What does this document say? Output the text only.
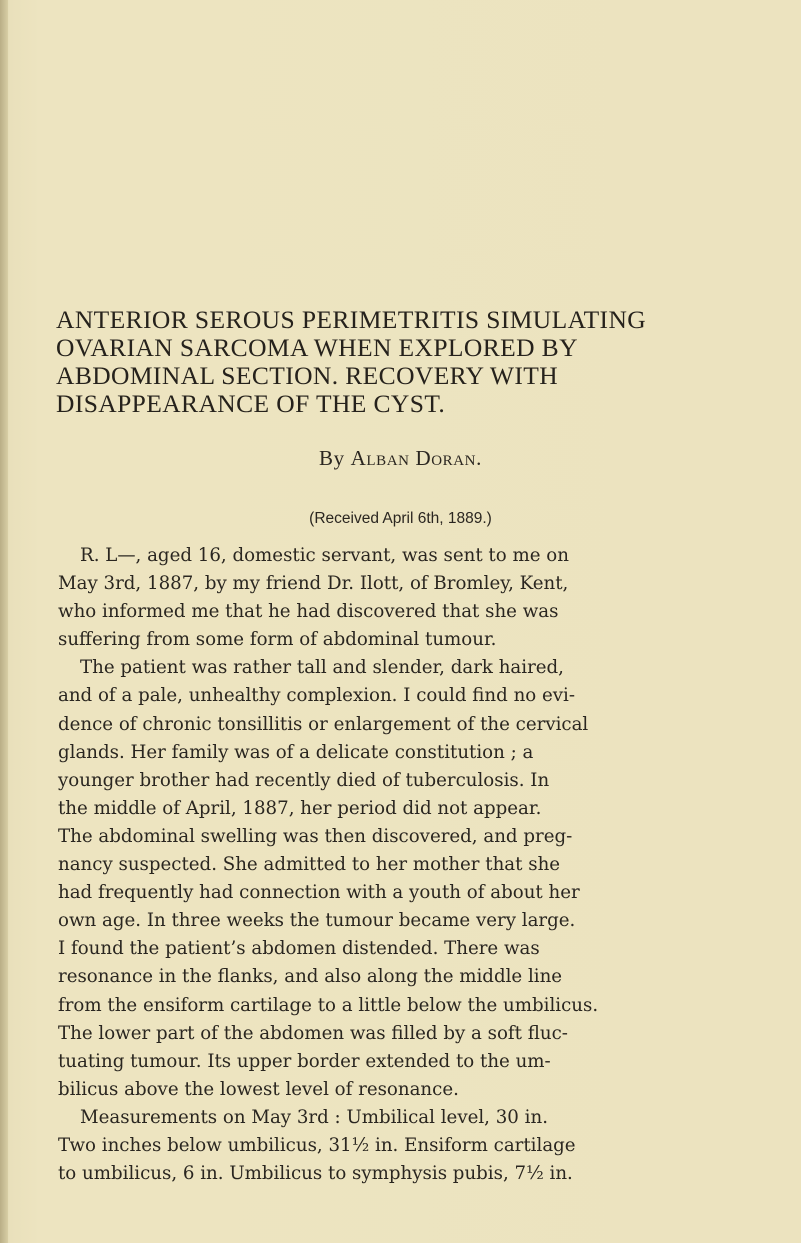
ANTERIOR SEROUS PERIMETRITIS SIMULATING
OVARIAN SARCOMA WHEN EXPLORED BY
ABDOMINAL SECTION. RECOVERY WITH
DISAPPEARANCE OF THE CYST.
By Alban Doran.
(Received April 6th, 1889.)
R. L—, aged 16, domestic servant, was sent to me on
May 3rd, 1887, by my friend Dr. Ilott, of Bromley, Kent,
who informed me that he had discovered that she was
suffering from some form of abdominal tumour.
The patient was rather tall and slender, dark haired,
and of a pale, unhealthy complexion. I could find no evi-
dence of chronic tonsillitis or enlargement of the cervical
glands. Her family was of a delicate constitution ; a
younger brother had recently died of tuberculosis. In
the middle of April, 1887, her period did not appear.
The abdominal swelling was then discovered, and preg-
nancy suspected. She admitted to her mother that she
had frequently had connection with a youth of about her
own age. In three weeks the tumour became very large.
I found the patient’s abdomen distended. There was
resonance in the flanks, and also along the middle line
from the ensiform cartilage to a little below the umbilicus.
The lower part of the abdomen was filled by a soft fluc-
tuating tumour. Its upper border extended to the um-
bilicus above the lowest level of resonance.
Measurements on May 3rd : Umbilical level, 30 in.
Two inches below umbilicus, 31½ in. Ensiform cartilage
to umbilicus, 6 in. Umbilicus to symphysis pubis, 7½ in.
